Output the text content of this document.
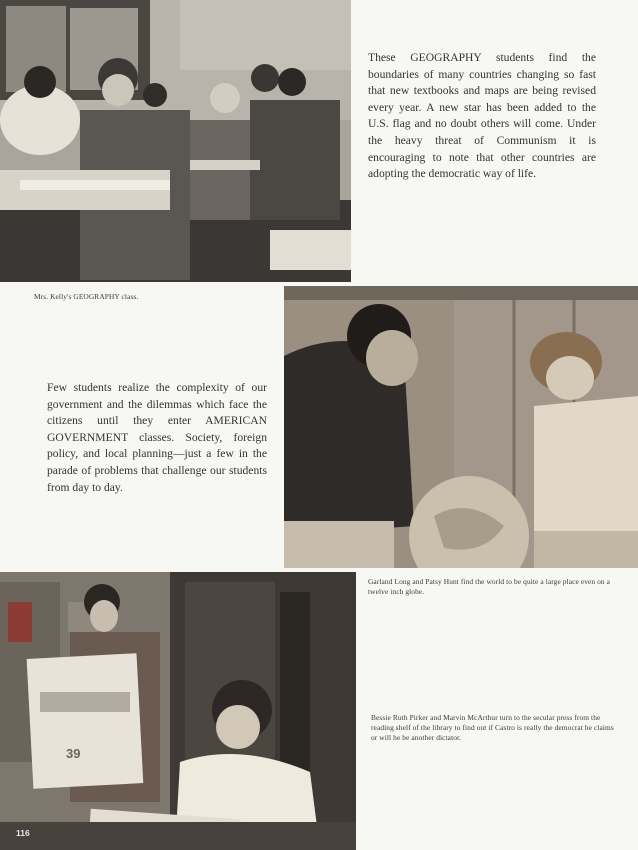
These GEOGRAPHY students find the boundaries of many countries changing so fast that new textbooks and maps are being revised every year. A new star has been added to the U.S. flag and no doubt others will come. Under the heavy threat of Communism it is encouraging to note that other countries are adopting the democratic way of life.
Mrs. Kelly's GEOGRAPHY class.
Few students realize the complexity of our government and the dilemmas which face the citizens until they enter AMERICAN GOVERNMENT classes. Society, foreign policy, and local planning—just a few in the parade of problems that challenge our students from day to day.
Garland Long and Patsy Hunt find the world to be quite a large place even on a twelve inch globe.
39
Bessie Ruth Pirker and Marvin McArthur turn to the secular press from the reading shelf of the library to find out if Castro is really the democrat he claims or will he be another dictator.
116
